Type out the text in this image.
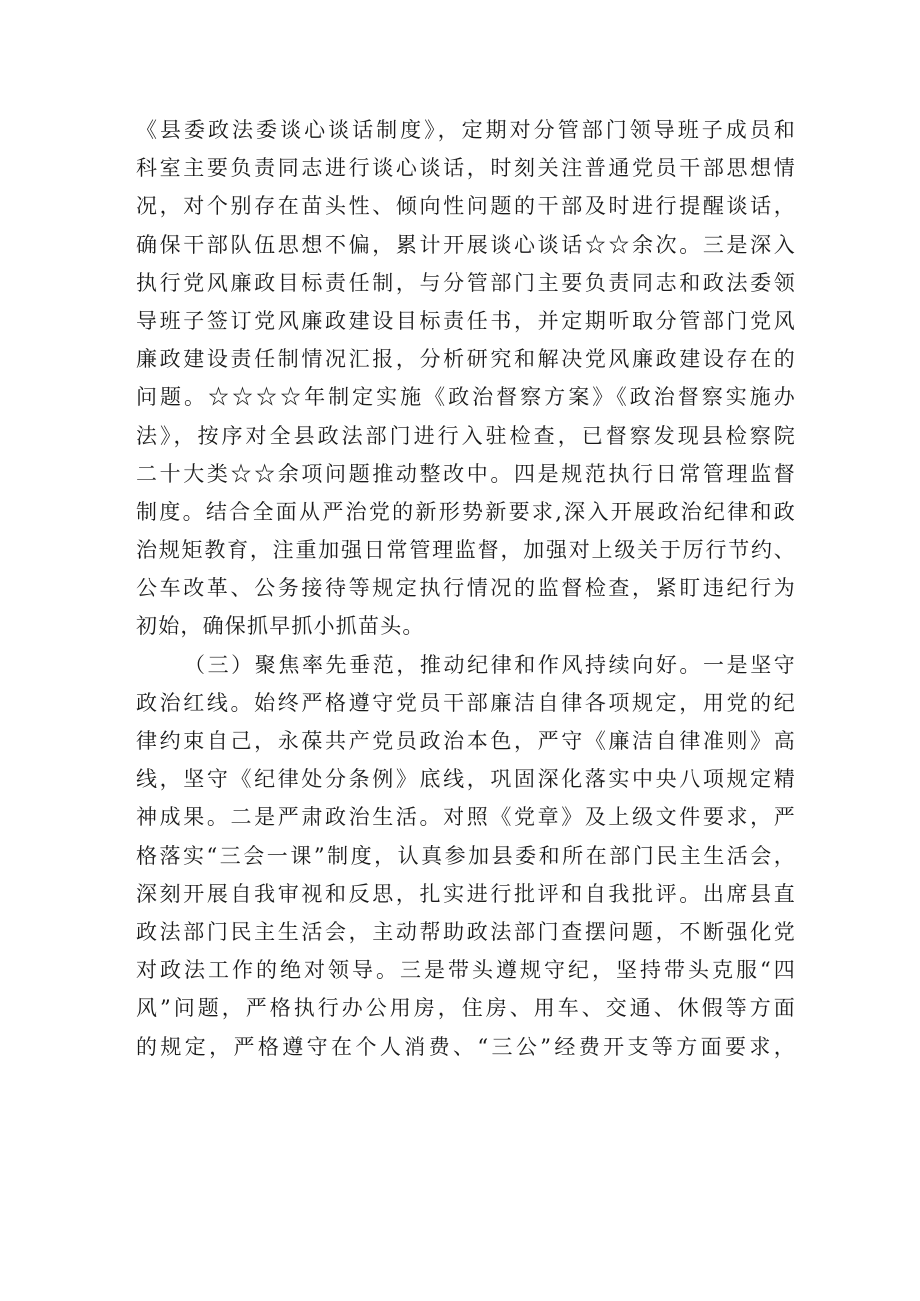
《县委政法委谈心谈话制度》，定期对分管部门领导班子成员和
科室主要负责同志进行谈心谈话，时刻关注普通党员干部思想情
况，对个别存在苗头性、倾向性问题的干部及时进行提醒谈话，
确保干部队伍思想不偏，累计开展谈心谈话☆☆余次。三是深入
执行党风廉政目标责任制，与分管部门主要负责同志和政法委领
导班子签订党风廉政建设目标责任书，并定期听取分管部门党风
廉政建设责任制情况汇报，分析研究和解决党风廉政建设存在的
问题。☆☆☆☆年制定实施《政治督察方案》《政治督察实施办
法》，按序对全县政法部门进行入驻检查，已督察发现县检察院
二十大类☆☆余项问题推动整改中。四是规范执行日常管理监督
制度。结合全面从严治党的新形势新要求,深入开展政治纪律和政
治规矩教育，注重加强日常管理监督，加强对上级关于厉行节约、
公车改革、公务接待等规定执行情况的监督检查，紧盯违纪行为
初始，确保抓早抓小抓苗头。
（三）聚焦率先垂范，推动纪律和作风持续向好。一是坚守
政治红线。始终严格遵守党员干部廉洁自律各项规定，用党的纪
律约束自己，永葆共产党员政治本色，严守《廉洁自律准则》高
线，坚守《纪律处分条例》底线，巩固深化落实中央八项规定精
神成果。二是严肃政治生活。对照《党章》及上级文件要求，严
格落实“三会一课”制度，认真参加县委和所在部门民主生活会，
深刻开展自我审视和反思，扎实进行批评和自我批评。出席县直
政法部门民主生活会，主动帮助政法部门查摆问题，不断强化党
对政法工作的绝对领导。三是带头遵规守纪，坚持带头克服“四
风”问题，严格执行办公用房，住房、用车、交通、休假等方面
的规定，严格遵守在个人消费、“三公”经费开支等方面要求，
